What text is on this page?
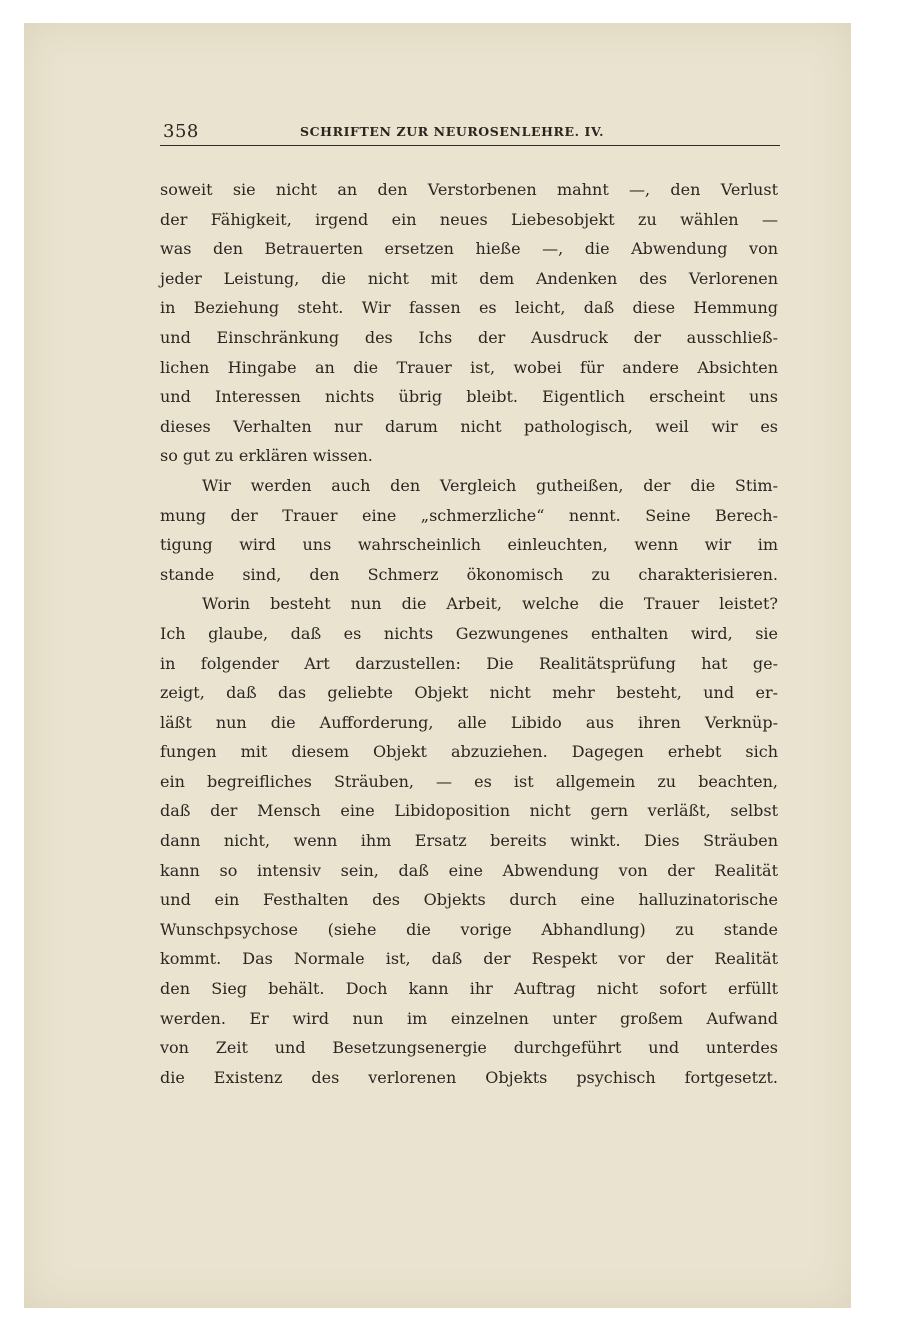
358	SCHRIFTEN ZUR NEUROSENLEHRE. IV.
soweit sie nicht an den Verstorbenen mahnt —, den Verlust
der Fähigkeit, irgend ein neues Liebesobjekt zu wählen —
was den Betrauerten ersetzen hieße —, die Abwendung von
jeder Leistung, die nicht mit dem Andenken des Verlorenen
in Beziehung steht. Wir fassen es leicht, daß diese Hemmung
und Einschränkung des Ichs der Ausdruck der ausschließ-
lichen Hingabe an die Trauer ist, wobei für andere Absichten
und Interessen nichts übrig bleibt. Eigentlich erscheint uns
dieses Verhalten nur darum nicht pathologisch, weil wir es
so gut zu erklären wissen.
Wir werden auch den Vergleich gutheißen, der die Stim-
mung der Trauer eine „schmerzliche“ nennt. Seine Berech-
tigung wird uns wahrscheinlich einleuchten, wenn wir im
stande sind, den Schmerz ökonomisch zu charakterisieren.
Worin besteht nun die Arbeit, welche die Trauer leistet?
Ich glaube, daß es nichts Gezwungenes enthalten wird, sie
in folgender Art darzustellen: Die Realitätsprüfung hat ge-
zeigt, daß das geliebte Objekt nicht mehr besteht, und er-
läßt nun die Aufforderung, alle Libido aus ihren Verknüp-
fungen mit diesem Objekt abzuziehen. Dagegen erhebt sich
ein begreifliches Sträuben, — es ist allgemein zu beachten,
daß der Mensch eine Libidoposition nicht gern verläßt, selbst
dann nicht, wenn ihm Ersatz bereits winkt. Dies Sträuben
kann so intensiv sein, daß eine Abwendung von der Realität
und ein Festhalten des Objekts durch eine halluzinatorische
Wunschpsychose (siehe die vorige Abhandlung) zu stande
kommt. Das Normale ist, daß der Respekt vor der Realität
den Sieg behält. Doch kann ihr Auftrag nicht sofort erfüllt
werden. Er wird nun im einzelnen unter großem Aufwand
von Zeit und Besetzungsenergie durchgeführt und unterdes
die Existenz des verlorenen Objekts psychisch fortgesetzt.
